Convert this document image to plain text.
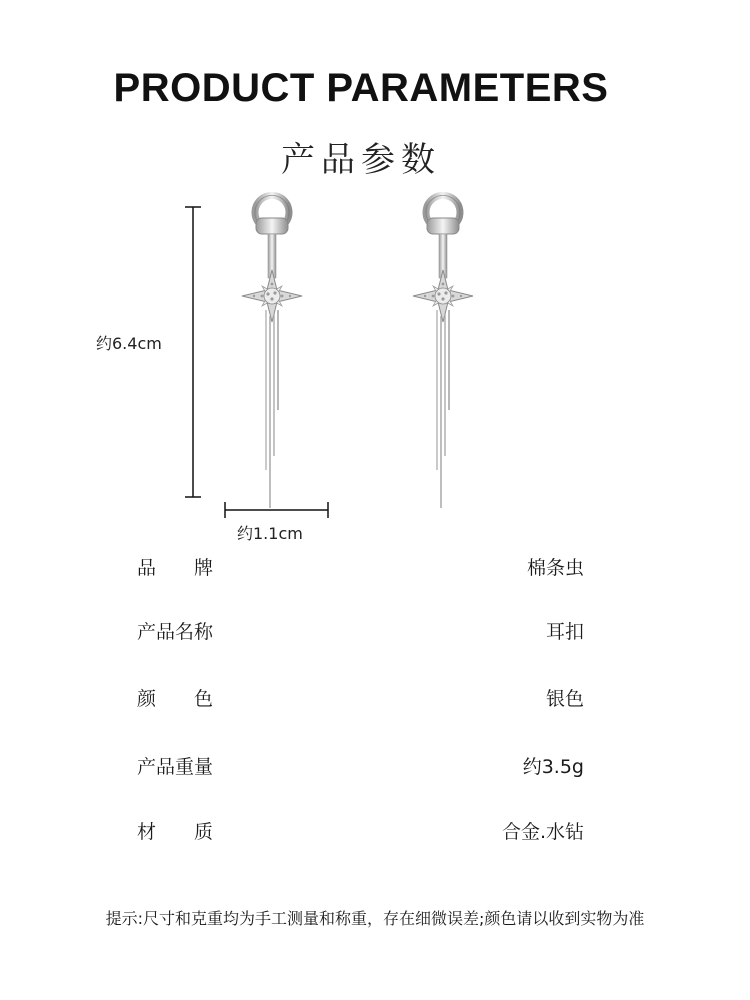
PRODUCT PARAMETERS
产品参数
约6.4cm
约1.1cm
品　　牌	棉条虫
产品名称	耳扣
颜　　色	银色
产品重量	约3.5g
材　　质	合金.水钻
提示:尺寸和克重均为手工测量和称重，存在细微误差;颜色请以收到实物为准
